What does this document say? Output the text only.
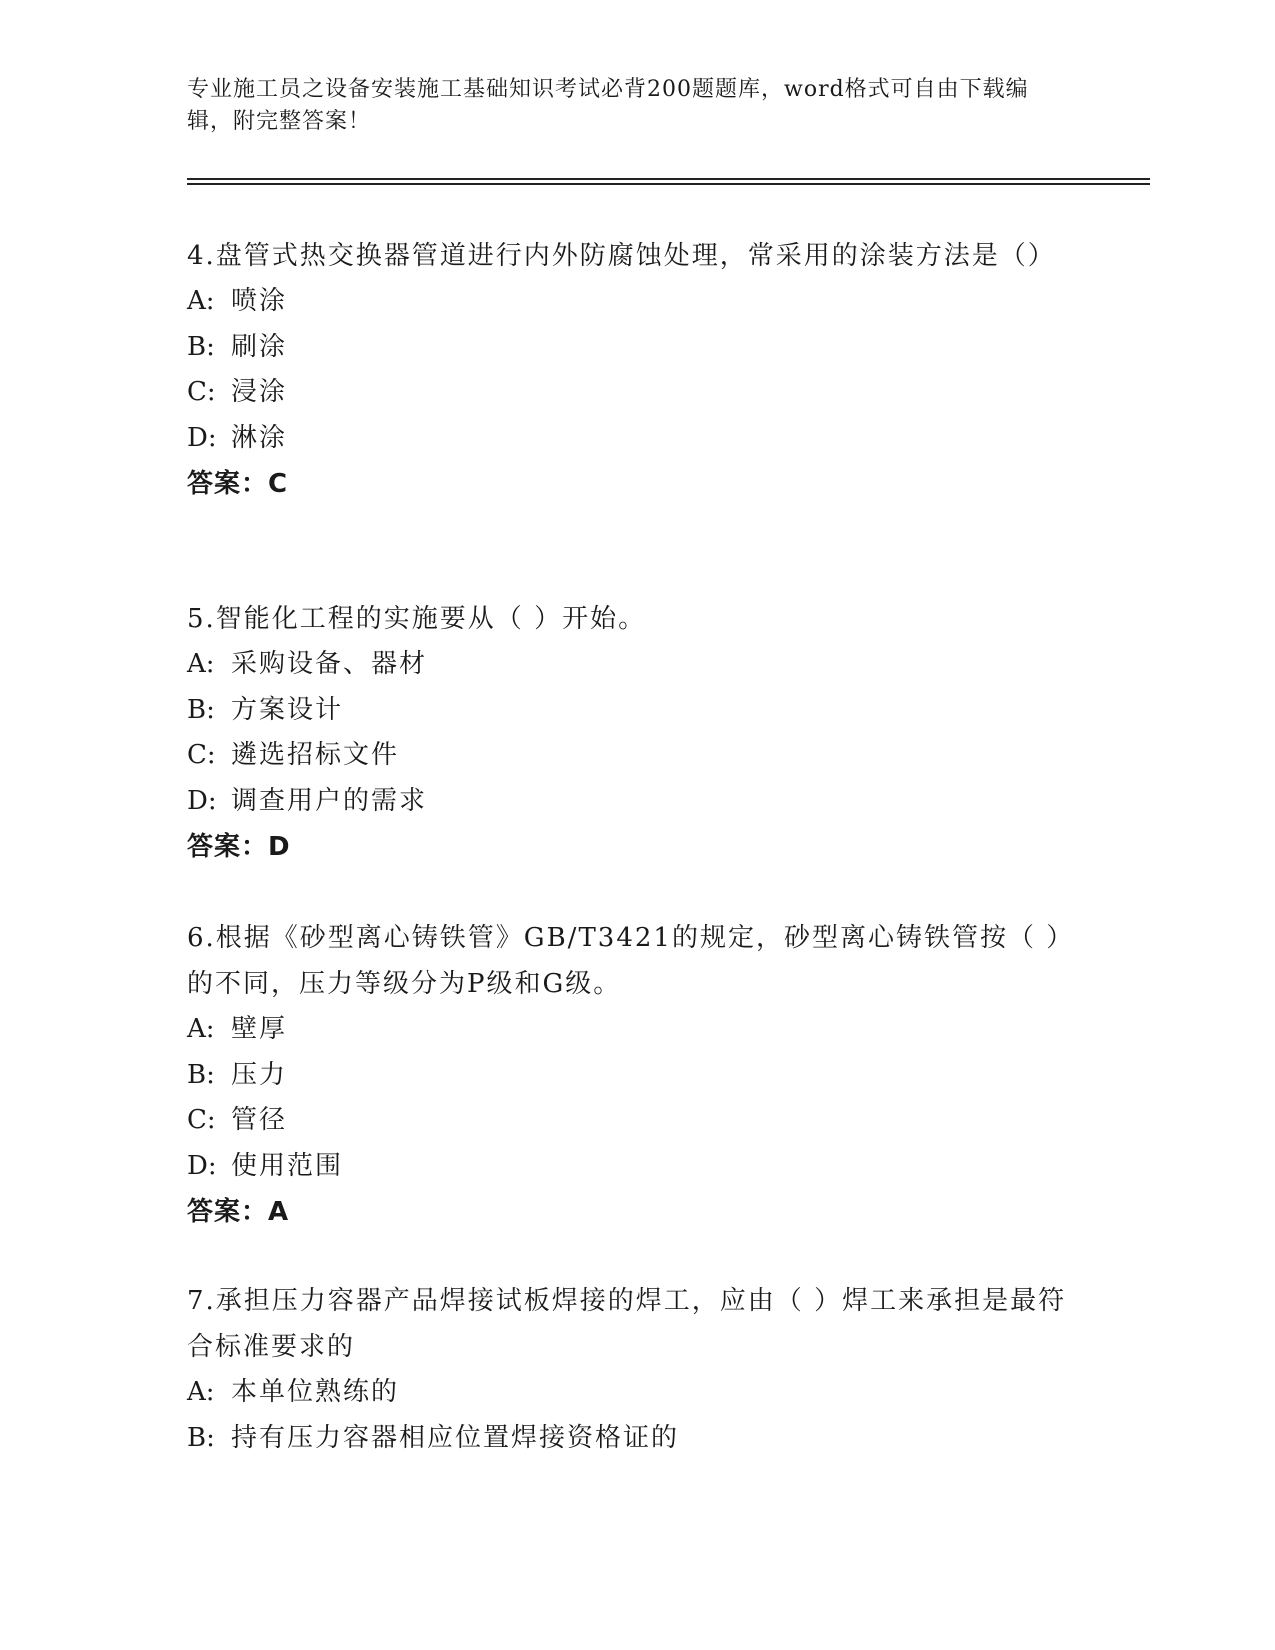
专业施工员之设备安装施工基础知识考试必背200题题库，word格式可自由下载编辑，附完整答案！

4.盘管式热交换器管道进行内外防腐蚀处理，常采用的涂装方法是（）

A: 喷涂

B: 刷涂

C: 浸涂

D: 淋涂

答案：C

5.智能化工程的实施要从（ ）开始。

A: 采购设备、器材

B: 方案设计

C: 遴选招标文件

D: 调查用户的需求

答案：D

6.根据《砂型离心铸铁管》GB/T3421的规定，砂型离心铸铁管按（ ）的不同，压力等级分为P级和G级。

A: 壁厚

B: 压力

C: 管径

D: 使用范围

答案：A

7.承担压力容器产品焊接试板焊接的焊工，应由（ ）焊工来承担是最符合标准要求的

A: 本单位熟练的

B: 持有压力容器相应位置焊接资格证的
